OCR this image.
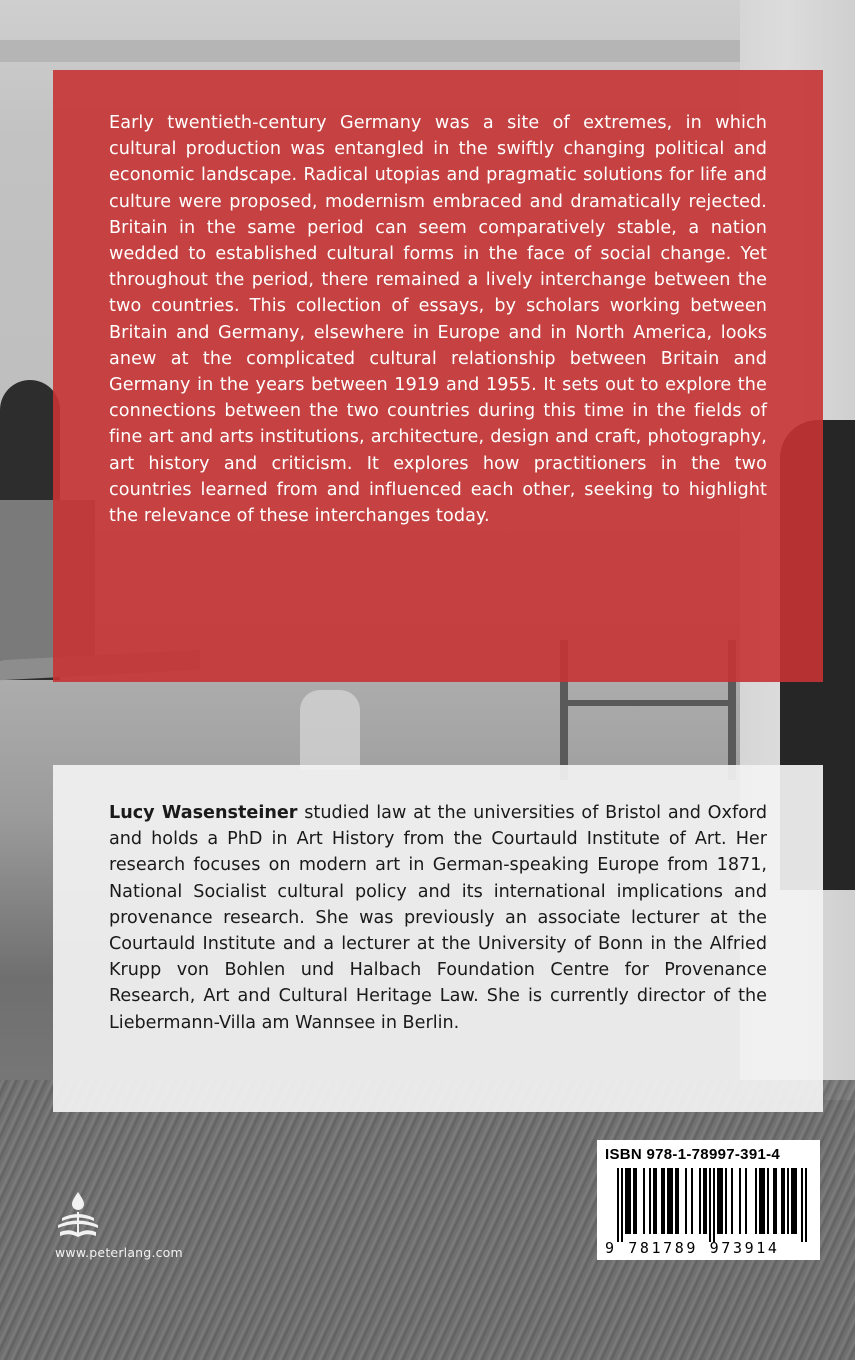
Early twentieth-century Germany was a site of extremes, in which cultural production was entangled in the swiftly changing political and economic landscape. Radical utopias and pragmatic solutions for life and culture were proposed, modernism embraced and dramatically rejected. Britain in the same period can seem comparatively stable, a nation wedded to established cultural forms in the face of social change. Yet throughout the period, there remained a lively interchange between the two countries. This collection of essays, by scholars working between Britain and Germany, elsewhere in Europe and in North America, looks anew at the complicated cultural relationship between Britain and Germany in the years between 1919 and 1955. It sets out to explore the connections between the two countries during this time in the fields of fine art and arts institutions, architecture, design and craft, photography, art history and criticism. It explores how practitioners in the two countries learned from and influenced each other, seeking to highlight the relevance of these interchanges today.

Lucy Wasensteiner studied law at the universities of Bristol and Oxford and holds a PhD in Art History from the Courtauld Institute of Art. Her research focuses on modern art in German-speaking Europe from 1871, National Socialist cultural policy and its international implications and provenance research. She was previously an associate lecturer at the Courtauld Institute and a lecturer at the University of Bonn in the Alfried Krupp von Bohlen und Halbach Foundation Centre for Provenance Research, Art and Cultural Heritage Law. She is currently director of the Liebermann-Villa am Wannsee in Berlin.

www.peterlang.com
ISBN 978-1-78997-391-4
9 781789 973914
